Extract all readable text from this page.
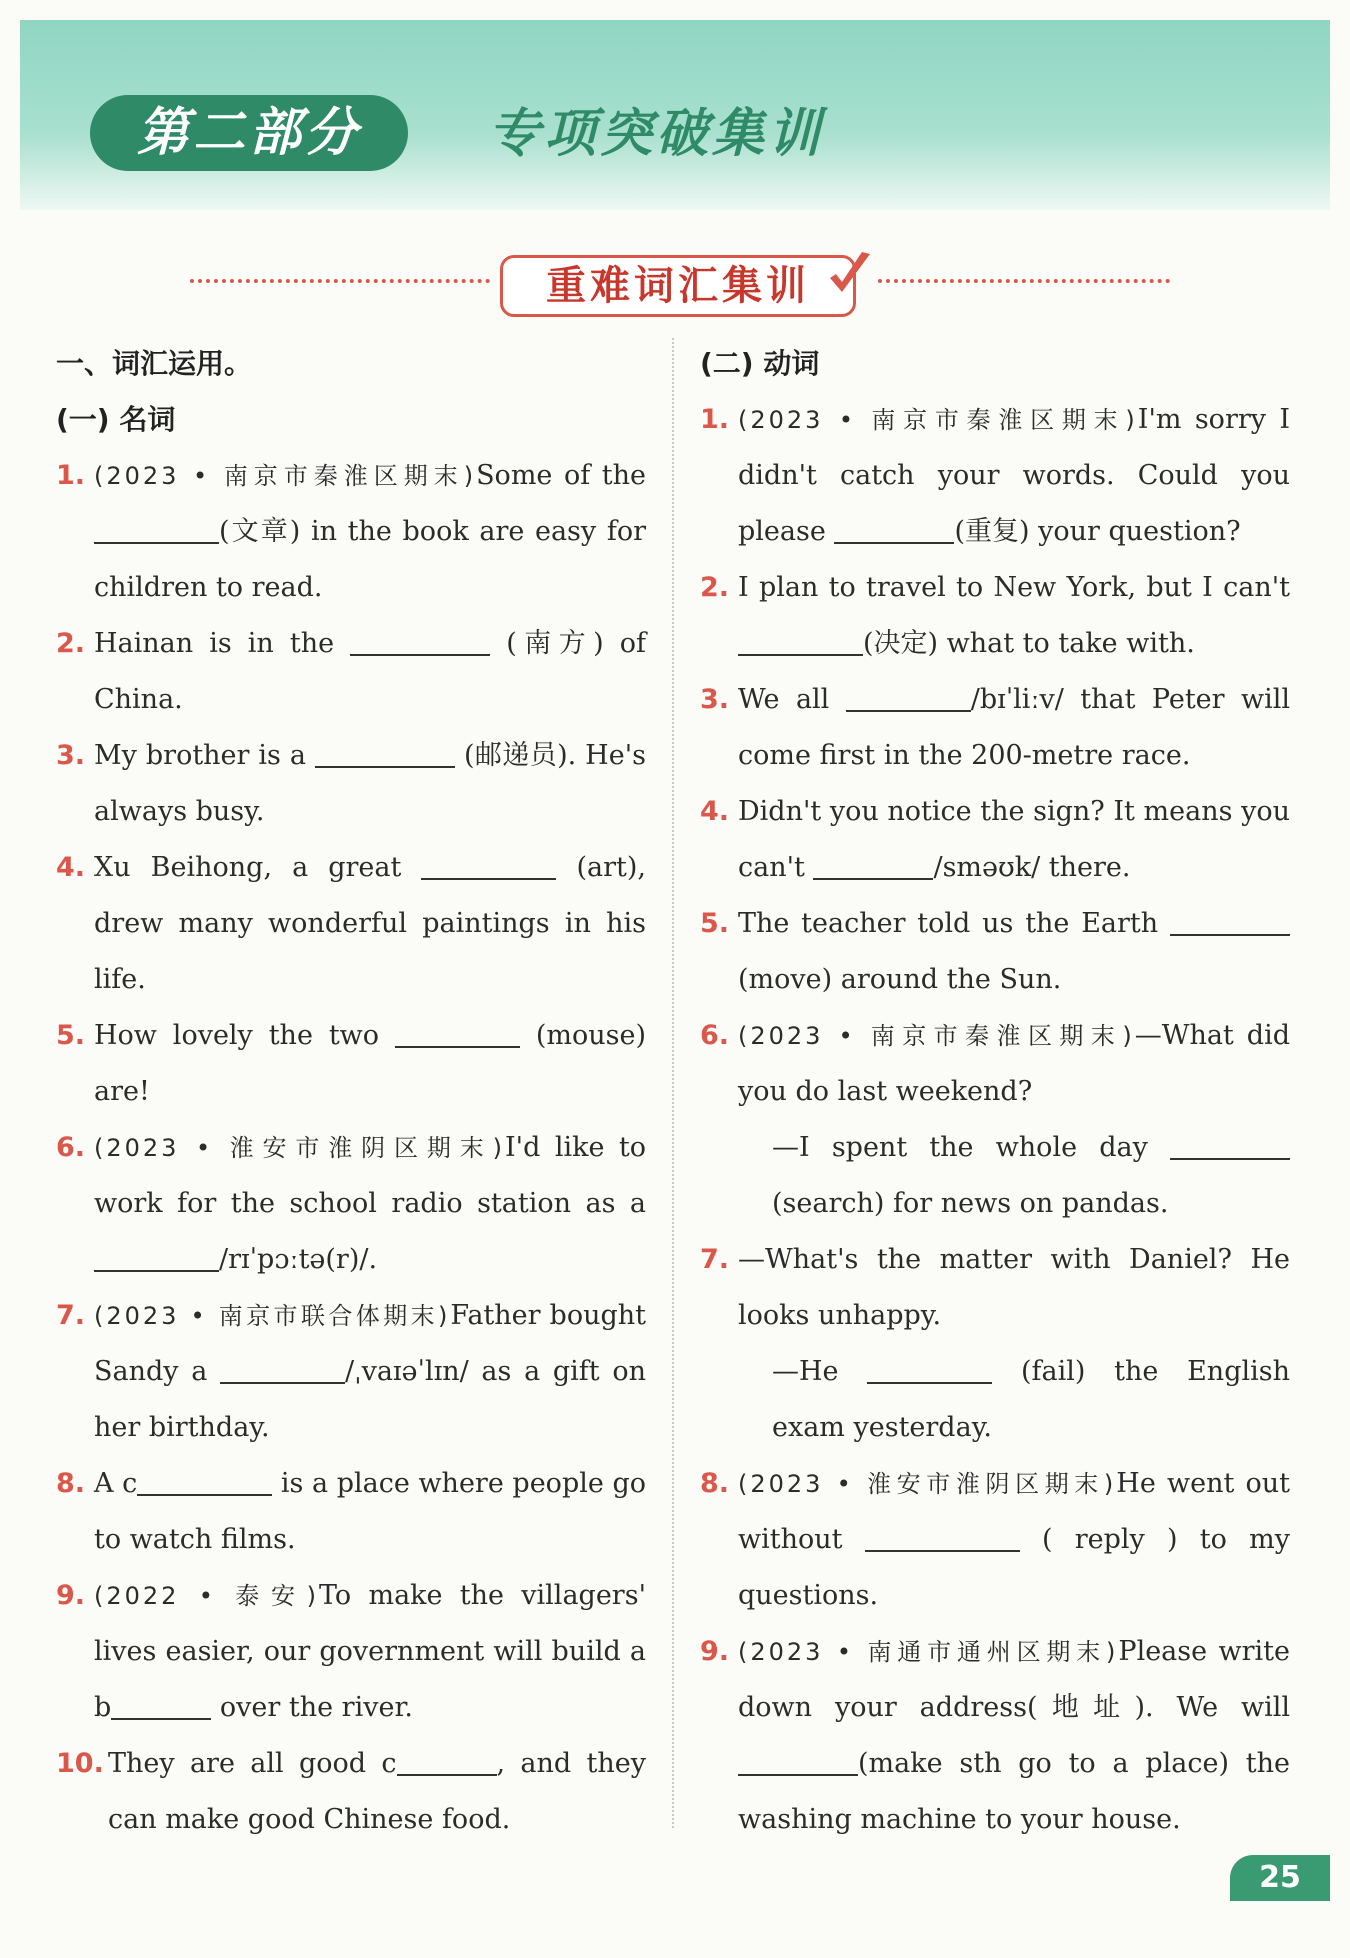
第二部分	专项突破集训
重难词汇集训
一、词汇运用。
(一) 名词
1. (2023 • 南京市秦淮区期末)Some of the (文章) in the book are easy for children to read.
2. Hainan is in the	(南方) of China.
3. My brother is a	(邮递员). He's always busy.
4. Xu Beihong, a great	(art), drew many wonderful paintings in his life.
5. How lovely the two	(mouse) are!
6. (2023 • 淮安市淮阴区期末)I'd like to work for the school radio station as a /rɪˈpɔːtə(r)/.
7. (2023 • 南京市联合体期末)Father bought Sandy a	/ˌvaɪəˈlɪn/ as a gift on her birthday.
8. A c	is a place where people go to watch films.
9. (2022 • 泰安)To make the villagers' lives easier, our government will build a b	over the river.
10. They are all good c	, and they can make good Chinese food.
(二) 动词
1. (2023 • 南京市秦淮区期末)I'm sorry I didn't catch your words. Could you please	(重复) your question?
2. I plan to travel to New York, but I can't (决定) what to take with.
3. We all	/bɪˈliːv/ that Peter will come first in the 200-metre race.
4. Didn't you notice the sign? It means you can't	/sməʊk/ there.
5. The teacher told us the Earth  (move) around the Sun.
6. (2023 • 南京市秦淮区期末)—What did you do last weekend?
—I spent the whole day  (search) for news on pandas.
7. —What's the matter with Daniel? He looks unhappy.
—He	(fail) the English exam yesterday.
8. (2023 • 淮安市淮阴区期末)He went out without	( reply ) to my questions.
9. (2023 • 南通市通州区期末)Please write down your address(地址). We will (make sth go to a place) the washing machine to your house.
25
